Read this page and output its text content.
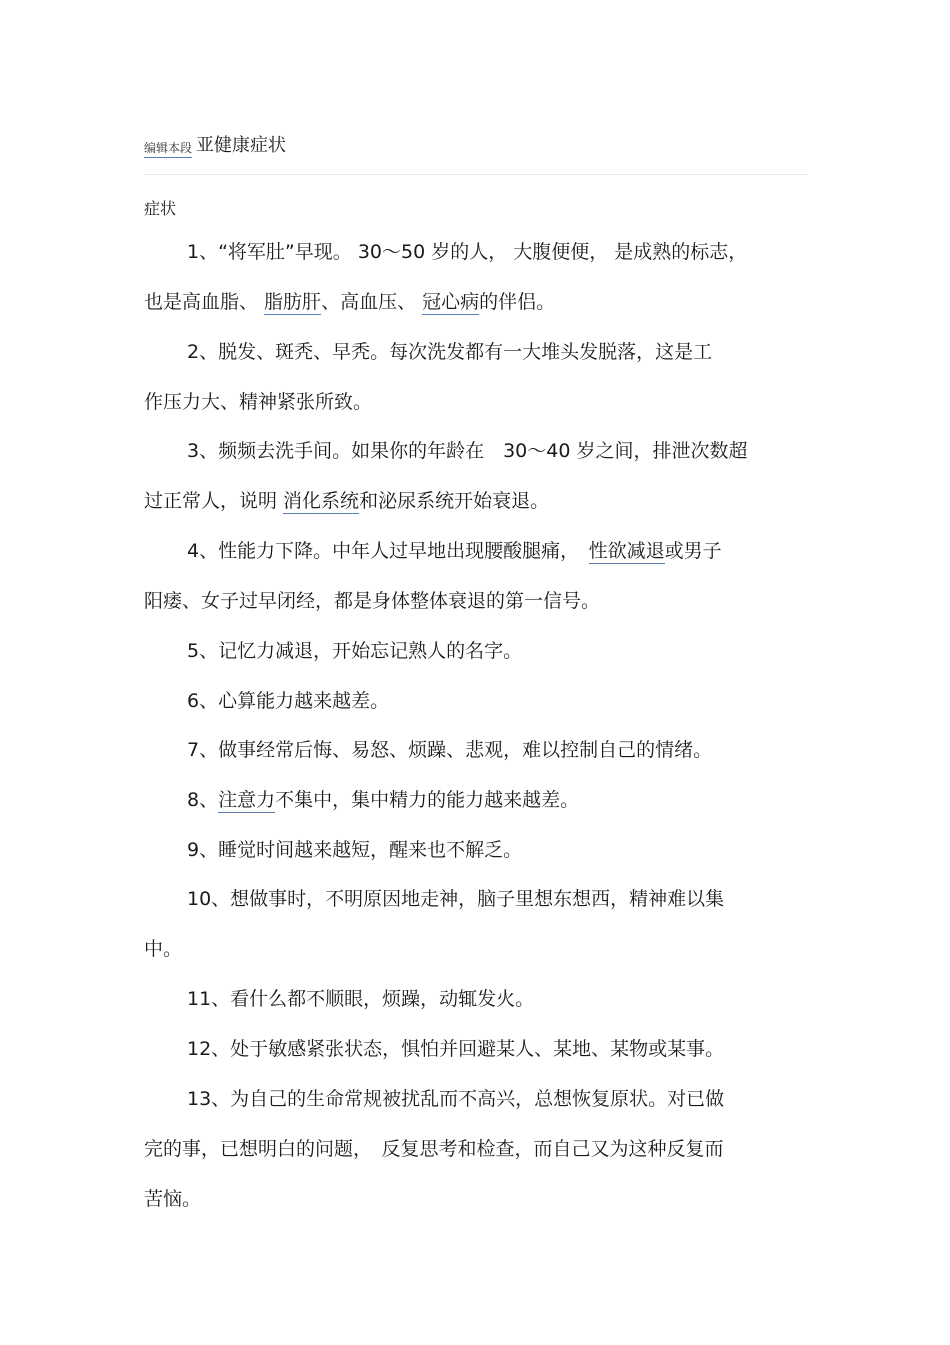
编辑本段 亚健康症状
症状
1、“将军肚”早现。 30～50 岁的人， 大腹便便， 是成熟的标志，
也是高血脂、 脂肪肝、高血压、 冠心病的伴侣。
2、脱发、斑秃、早秃。每次洗发都有一大堆头发脱落，这是工
作压力大、精神紧张所致。
3、频频去洗手间。如果你的年龄在　30～40 岁之间，排泄次数超
过正常人，说明 消化系统和泌尿系统开始衰退。
4、性能力下降。中年人过早地出现腰酸腿痛，　性欲减退或男子
阳痿、女子过早闭经，都是身体整体衰退的第一信号。
5、记忆力减退，开始忘记熟人的名字。
6、心算能力越来越差。
7、做事经常后悔、易怒、烦躁、悲观，难以控制自己的情绪。
8、注意力不集中，集中精力的能力越来越差。
9、睡觉时间越来越短，醒来也不解乏。
10、想做事时，不明原因地走神，脑子里想东想西，精神难以集
中。
11、看什么都不顺眼，烦躁，动辄发火。
12、处于敏感紧张状态，惧怕并回避某人、某地、某物或某事。
13、为自己的生命常规被扰乱而不高兴，总想恢复原状。对已做
完的事，已想明白的问题，　反复思考和检查，而自己又为这种反复而
苦恼。
